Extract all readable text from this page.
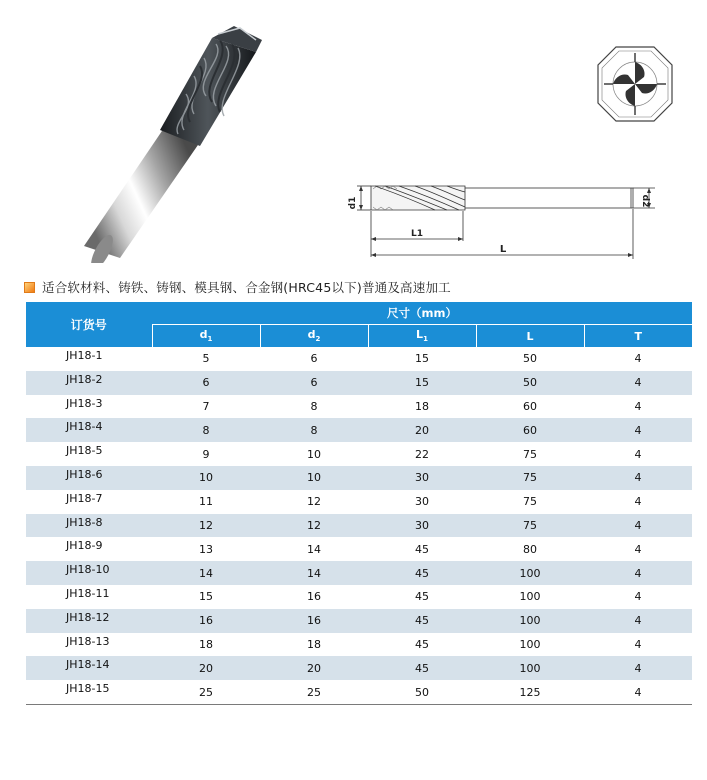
d1	d2
L1
L
适合软材料、铸铁、铸钢、模具钢、合金钢(HRC45以下)普通及高速加工
订货号	尺寸（mm）				
	$d_1$	$d_2$	$L_1$	L	T
JH18-1	5	6	15	50	4
JH18-2	6	6	15	50	4
JH18-3	7	8	18	60	4
JH18-4	8	8	20	60	4
JH18-5	9	10	22	75	4
JH18-6	10	10	30	75	4
JH18-7	11	12	30	75	4
JH18-8	12	12	30	75	4
JH18-9	13	14	45	80	4
JH18-10	14	14	45	100	4
JH18-11	15	16	45	100	4
JH18-12	16	16	45	100	4
JH18-13	18	18	45	100	4
JH18-14	20	20	45	100	4
JH18-15	25	25	50	125	4
